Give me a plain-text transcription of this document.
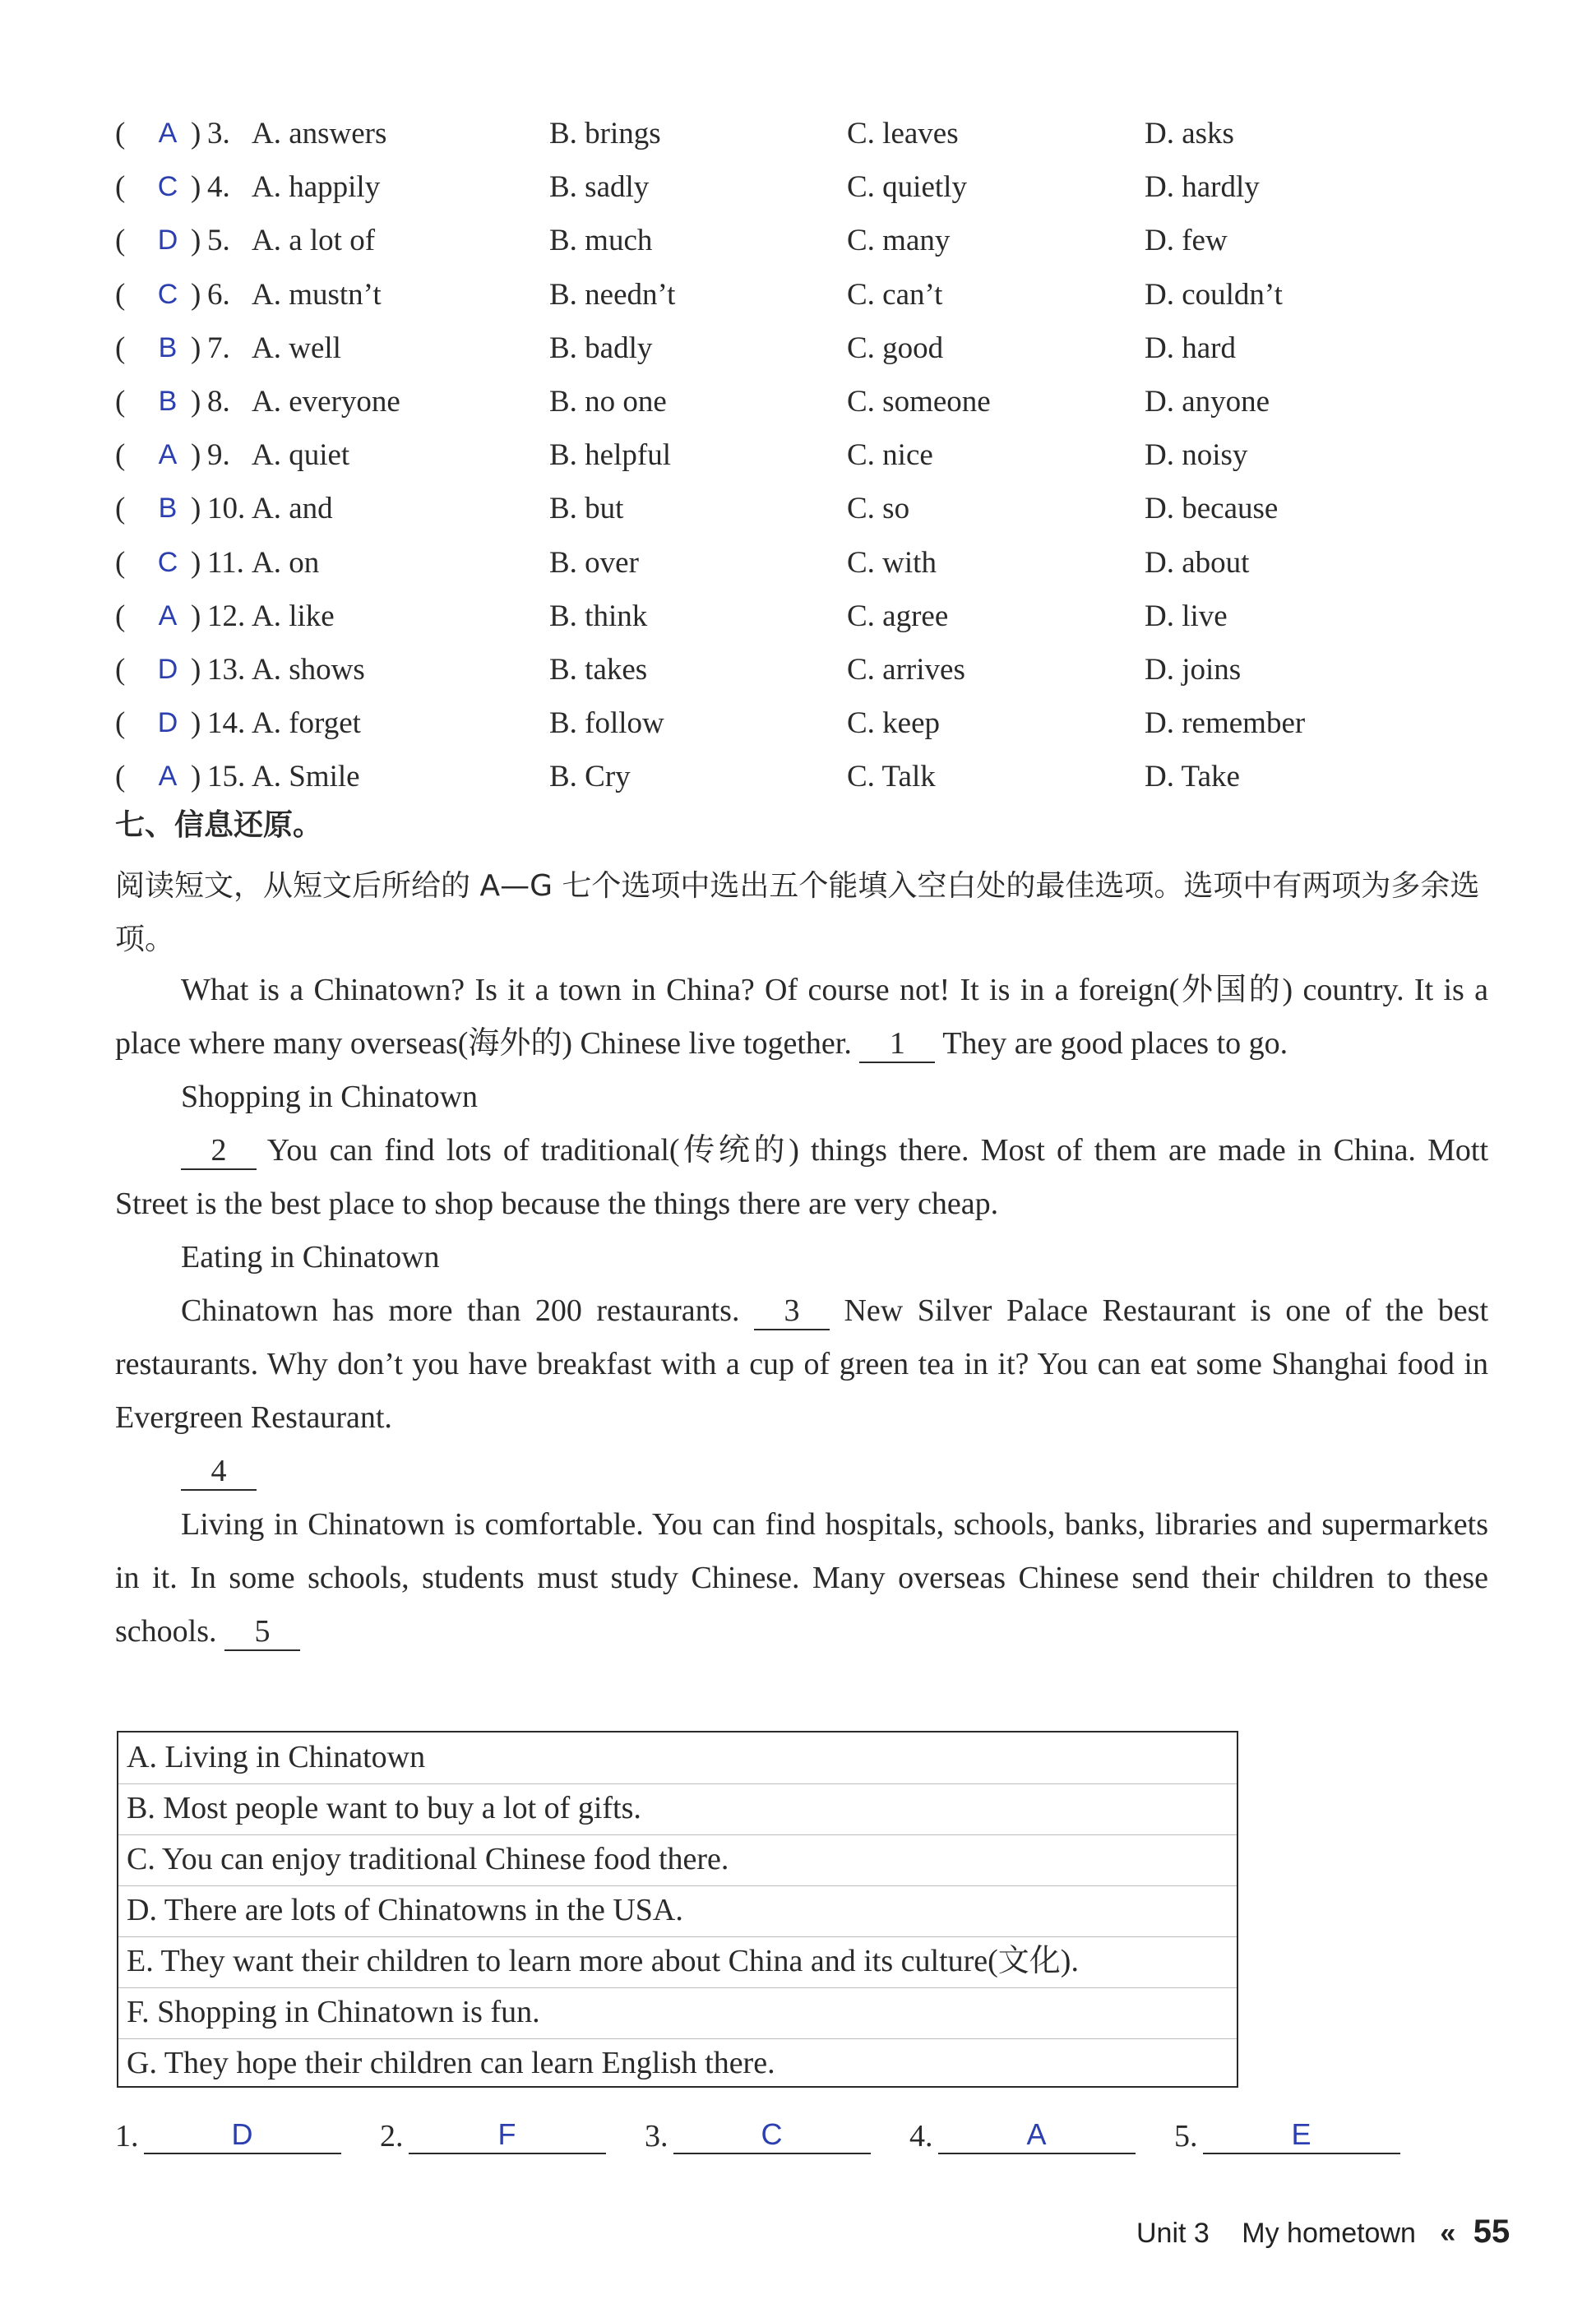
( A ) 3. A. answers	B. brings	C. leaves	D. asks
( C ) 4. A. happily	B. sadly	C. quietly	D. hardly
( D ) 5. A. a lot of	B. much	C. many	D. few
( C ) 6. A. mustn’t	B. needn’t	C. can’t	D. couldn’t
( B ) 7. A. well	B. badly	C. good	D. hard
( B ) 8. A. everyone	B. no one	C. someone	D. anyone
( A ) 9. A. quiet	B. helpful	C. nice	D. noisy
( B ) 10. A. and	B. but	C. so	D. because
( C ) 11. A. on	B. over	C. with	D. about
( A ) 12. A. like	B. think	C. agree	D. live
( D ) 13. A. shows	B. takes	C. arrives	D. joins
( D ) 14. A. forget	B. follow	C. keep	D. remember
( A ) 15. A. Smile	B. Cry	C. Talk	D. Take
七、信息还原。
阅读短文，从短文后所给的 A—G 七个选项中选出五个能填入空白处的最佳选项。选项中有两项为多余选项。

What is a Chinatown? Is it a town in China? Of course not! It is in a foreign(外国的) country. It is a place where many overseas(海外的) Chinese live together. 1 They are good places to go.

Shopping in Chinatown

2 You can find lots of traditional(传统的) things there. Most of them are made in China. Mott Street is the best place to shop because the things there are very cheap.

Eating in Chinatown

Chinatown has more than 200 restaurants. 3 New Silver Palace Restaurant is one of the best restaurants. Why don’t you have breakfast with a cup of green tea in it? You can eat some Shanghai food in Evergreen Restaurant.

4

Living in Chinatown is comfortable. You can find hospitals, schools, banks, libraries and supermarkets in it. In some schools, students must study Chinese. Many overseas Chinese send their children to these schools. 5

A. Living in Chinatown
B. Most people want to buy a lot of gifts.
C. You can enjoy traditional Chinese food there.
D. There are lots of Chinatowns in the USA.
E. They want their children to learn more about China and its culture(文化).
F. Shopping in Chinatown is fun.
G. They hope their children can learn English there.
1.	D	2.	F	3.	C	4.	A	5.	E
Unit 3 My hometown « 55
